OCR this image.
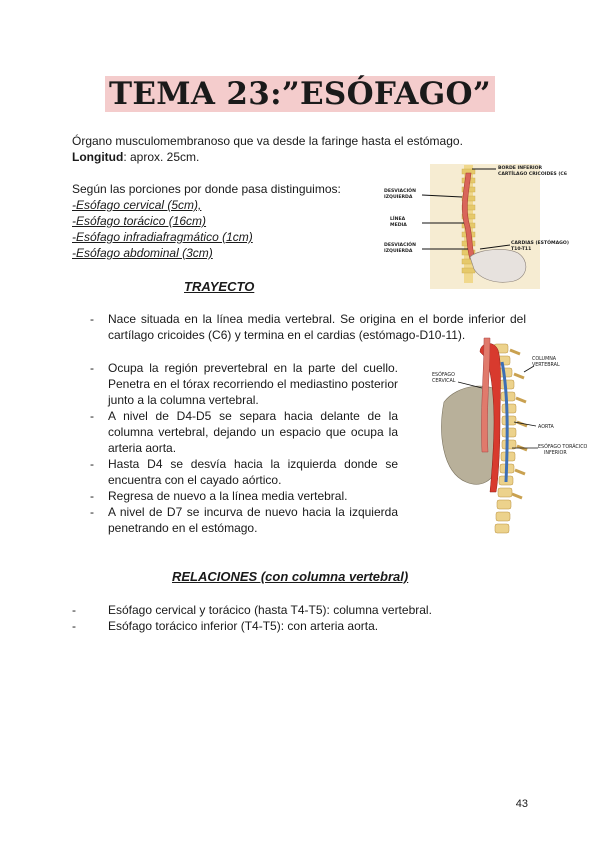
TEMA 23:”ESÓFAGO”

Órgano musculomembranoso que va desde la faringe hasta el estómago.

Longitud: aprox. 25cm.

Según las porciones por donde pasa distinguimos:

-Esófago cervical (5cm),

-Esófago torácico (16cm)

-Esófago infradiafragmático (1cm)

-Esófago abdominal (3cm)

BORDE INFERIOR
CARTÍLAGO CRICOIDES (C6
DESVIACIÓN
IZQUIERDA
LÍNEA
MEDIA
DESVIACIÓN
IZQUIERDA
CARDIAS (ESTÓMAGO)
T10-T11

TRAYECTO

- Nace situada en la línea media vertebral. Se origina en el borde inferior del cartílago cricoides (C6) y termina en el cardias (estómago-D10-11).
- Ocupa la región prevertebral en la parte del cuello. Penetra en el tórax recorriendo el mediastino posterior junto a la columna vertebral.
- A nivel de D4-D5 se separa hacia delante de la columna vertebral, dejando un espacio que ocupa la arteria aorta.
- Hasta D4 se desvía hacia la izquierda donde se encuentra con el cayado aórtico.
- Regresa de nuevo a la línea media vertebral.
- A nivel de D7 se incurva de nuevo hacia la izquierda penetrando en el estómago.
COLUMNA
VERTEBRAL
ESÓFAGO
CERVICAL
AORTA
ESÓFAGO TORÁCICO
INFERIOR

RELACIONES (con columna vertebral)

-	Esófago cervical y torácico (hasta T4-T5): columna vertebral.
-	Esófago torácico inferior (T4-T5): con arteria aorta.
43
